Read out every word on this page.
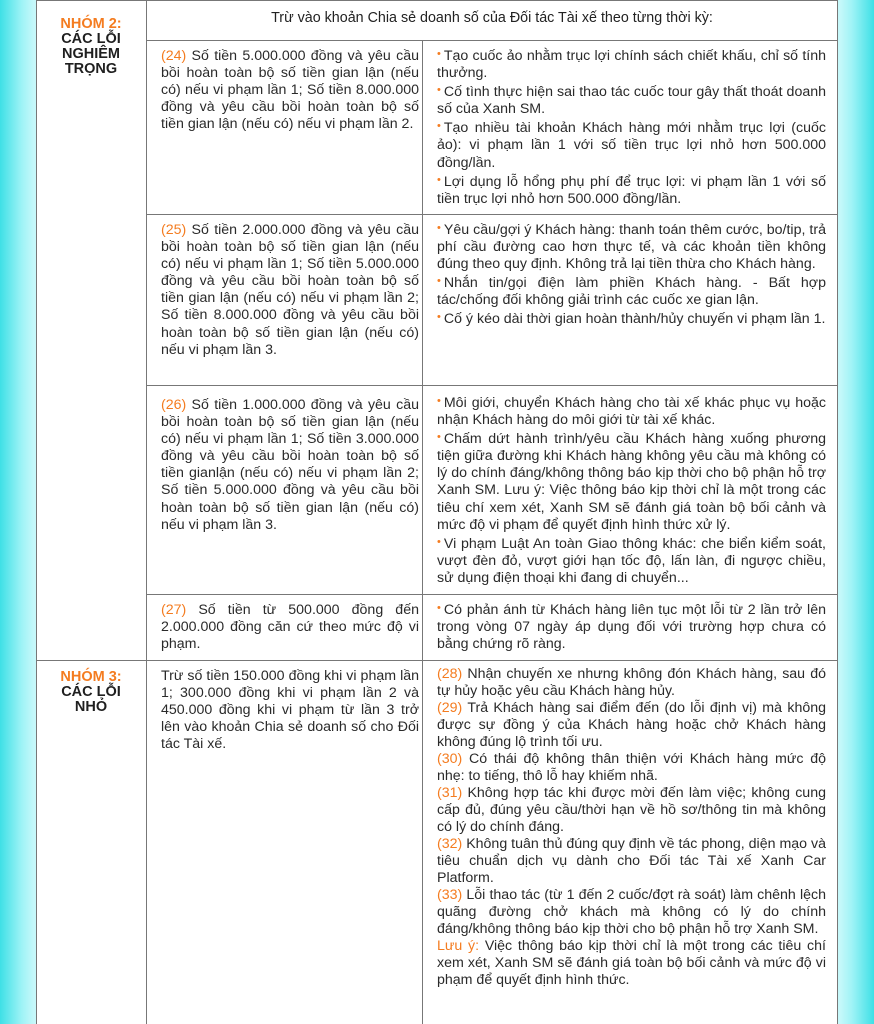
NHÓM 2:
CÁC LỖI
NGHIÊM
TRỌNG
Trừ vào khoản Chia sẻ doanh số của Đối tác Tài xế theo từng thời kỳ:
(24) Số tiền 5.000.000 đồng và yêu cầu bồi hoàn toàn bộ số tiền gian lận (nếu có) nếu vi phạm lần 1; Số tiền 8.000.000 đồng và yêu cầu bồi hoàn toàn bộ số tiền gian lận (nếu có) nếu vi phạm lần 2.

• Tạo cuốc ảo nhằm trục lợi chính sách chiết khấu, chỉ số tính thưởng.

• Cố tình thực hiện sai thao tác cuốc tour gây thất thoát doanh số của Xanh SM.

• Tạo nhiều tài khoản Khách hàng mới nhằm trục lợi (cuốc ảo): vi phạm lần 1 với số tiền trục lợi nhỏ hơn 500.000 đồng/lần.

• Lợi dụng lỗ hổng phụ phí để trục lợi: vi phạm lần 1 với số tiền trục lợi nhỏ hơn 500.000 đồng/lần.

(25) Số tiền 2.000.000 đồng và yêu cầu bồi hoàn toàn bộ số tiền gian lận (nếu có) nếu vi phạm lần 1; Số tiền 5.000.000 đồng và yêu cầu bồi hoàn toàn bộ số tiền gian lận (nếu có) nếu vi phạm lần 2; Số tiền 8.000.000 đồng và yêu cầu bồi hoàn toàn bộ số tiền gian lận (nếu có) nếu vi phạm lần 3.

• Yêu cầu/gợi ý Khách hàng: thanh toán thêm cước, bo/tip, trả phí cầu đường cao hơn thực tế, và các khoản tiền không đúng theo quy định. Không trả lại tiền thừa cho Khách hàng.

• Nhắn tin/gọi điện làm phiền Khách hàng. - Bất hợp tác/chống đối không giải trình các cuốc xe gian lận.

• Cố ý kéo dài thời gian hoàn thành/hủy chuyến vi phạm lần 1.

(26) Số tiền 1.000.000 đồng và yêu cầu bồi hoàn toàn bộ số tiền gian lận (nếu có) nếu vi phạm lần 1; Số tiền 3.000.000 đồng và yêu cầu bồi hoàn toàn bộ số tiền gianlận (nếu có) nếu vi phạm lần 2; Số tiền 5.000.000 đồng và yêu cầu bồi hoàn toàn bộ số tiền gian lận (nếu có) nếu vi phạm lần 3.

• Môi giới, chuyển Khách hàng cho tài xế khác phục vụ hoặc nhận Khách hàng do môi giới từ tài xế khác.

• Chấm dứt hành trình/yêu cầu Khách hàng xuống phương tiện giữa đường khi Khách hàng không yêu cầu mà không có lý do chính đáng/không thông báo kịp thời cho bộ phận hỗ trợ Xanh SM. Lưu ý: Việc thông báo kịp thời chỉ là một trong các tiêu chí xem xét, Xanh SM sẽ đánh giá toàn bộ bối cảnh và mức độ vi phạm để quyết định hình thức xử lý.

• Vi phạm Luật An toàn Giao thông khác: che biển kiểm soát, vượt đèn đỏ, vượt giới hạn tốc độ, lấn làn, đi ngược chiều, sử dụng điện thoại khi đang di chuyển...

(27) Số tiền từ 500.000 đồng đến 2.000.000 đồng căn cứ theo mức độ vi phạm.

• Có phản ánh từ Khách hàng liên tục một lỗi từ 2 lần trở lên trong vòng 07 ngày áp dụng đối với trường hợp chưa có bằng chứng rõ ràng.

NHÓM 3:
CÁC LỖI
NHỎ
Trừ số tiền 150.000 đồng khi vi phạm lần 1; 300.000 đồng khi vi phạm lần 2 và 450.000 đồng khi vi phạm từ lần 3 trở lên vào khoản Chia sẻ doanh số cho Đối tác Tài xế.

(28) Nhận chuyến xe nhưng không đón Khách hàng, sau đó tự hủy hoặc yêu cầu Khách hàng hủy.

(29) Trả Khách hàng sai điểm đến (do lỗi định vị) mà không được sự đồng ý của Khách hàng hoặc chở Khách hàng không đúng lộ trình tối ưu.

(30) Có thái độ không thân thiện với Khách hàng mức độ nhẹ: to tiếng, thô lỗ hay khiếm nhã.

(31) Không hợp tác khi được mời đến làm việc; không cung cấp đủ, đúng yêu cầu/thời hạn về hồ sơ/thông tin mà không có lý do chính đáng.

(32) Không tuân thủ đúng quy định về tác phong, diện mạo và tiêu chuẩn dịch vụ dành cho Đối tác Tài xế Xanh Car Platform.

(33) Lỗi thao tác (từ 1 đến 2 cuốc/đợt rà soát) làm chênh lệch quãng đường chở khách mà không có lý do chính đáng/không thông báo kịp thời cho bộ phận hỗ trợ Xanh SM.

Lưu ý: Việc thông báo kịp thời chỉ là một trong các tiêu chí xem xét, Xanh SM sẽ đánh giá toàn bộ bối cảnh và mức độ vi phạm để quyết định hình thức.
